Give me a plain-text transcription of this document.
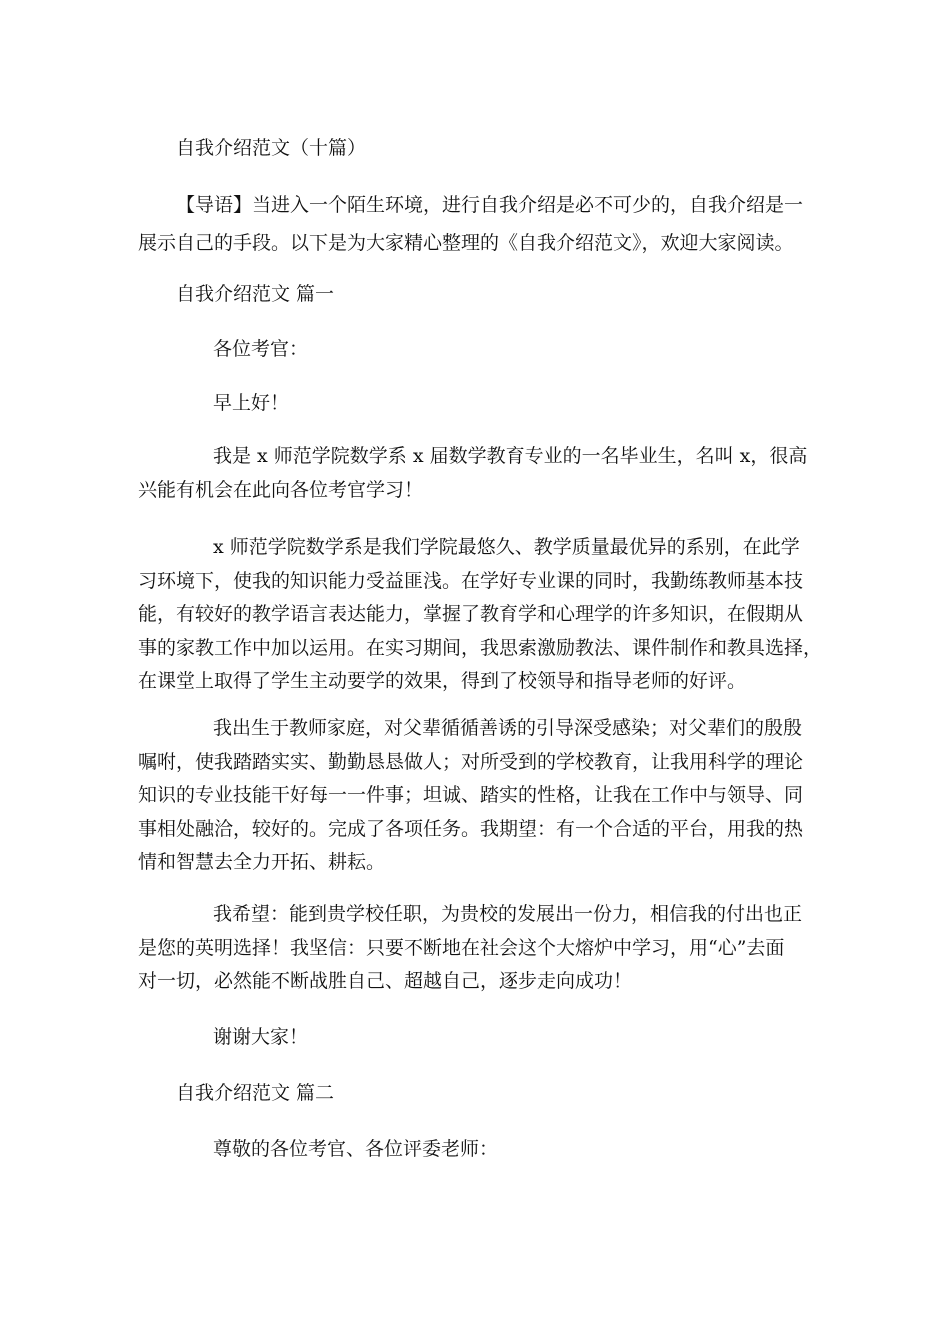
自我介绍范文（十篇）

【导语】当进入一个陌生环境，进行自我介绍是必不可少的，自我介绍是一

展示自己的手段。以下是为大家精心整理的《自我介绍范文》，欢迎大家阅读。

自我介绍范文 篇一

各位考官：

早上好！

我是 x 师范学院数学系 x 届数学教育专业的一名毕业生，名叫 x，很高
兴能有机会在此向各位考官学习！
x 师范学院数学系是我们学院最悠久、教学质量最优异的系别，在此学
习环境下，使我的知识能力受益匪浅。在学好专业课的同时，我勤练教师基本技
能，有较好的教学语言表达能力，掌握了教育学和心理学的许多知识，在假期从
事的家教工作中加以运用。在实习期间，我思索激励教法、课件制作和教具选择，
在课堂上取得了学生主动要学的效果，得到了校领导和指导老师的好评。
我出生于教师家庭，对父辈循循善诱的引导深受感染；对父辈们的殷殷
嘱咐，使我踏踏实实、勤勤恳恳做人；对所受到的学校教育，让我用科学的理论
知识的专业技能干好每一一件事；坦诚、踏实的性格，让我在工作中与领导、同
事相处融洽，较好的。完成了各项任务。我期望：有一个合适的平台，用我的热
情和智慧去全力开拓、耕耘。
我希望：能到贵学校任职，为贵校的发展出一份力，相信我的付出也正
是您的英明选择！我坚信：只要不断地在社会这个大熔炉中学习，用“心”去面
对一切，必然能不断战胜自己、超越自己，逐步走向成功！

谢谢大家！

自我介绍范文 篇二

尊敬的各位考官、各位评委老师：
